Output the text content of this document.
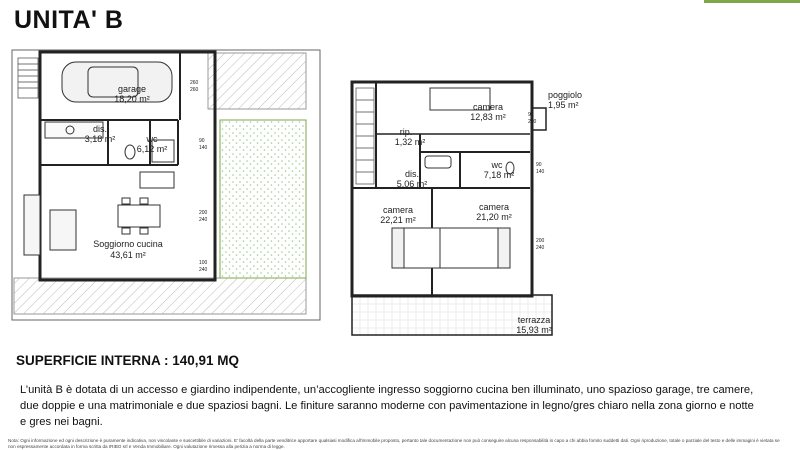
UNITA' B
garage
18,20 m²
dis.
3,18 m²	wc
6,12 m²
Soggiorno cucina
43,61 m²
260
260
90
140
200
240
100
240
camera
12,83 m²
poggiolo
1,95 m²
rip.
1,32 m²
wc
7,18 m²
dis.
5,06 m²
camera
22,21 m²
camera
21,20 m²
terrazza
15,93 m²
90
240
90
140
200
240
SUPERFICIE INTERNA : 140,91 MQ
L’unità B è dotata di un accesso e giardino indipendente, un’accogliente ingresso soggiorno cucina ben illuminato, uno spazioso garage, tre camere, due doppie e una matrimoniale e due spaziosi bagni. Le finiture saranno moderne con pavimentazione in legno/gres chiaro nella zona giorno e notte e gres nei bagni.
Nota: Ogni informazione ed ogni descrizione è puramente indicativa, non vincolante e suscettibile di variazioni. E' facoltà della parte venditrice apportare qualsiasi modifica all'immobile proposto, pertanto tale documentazione non può conseguire alcuna responsabilità in capo a chi abbia fornito suddetti dati. Ogni riproduzione, totale o parziale del testo e delle immagini è vietata se non espressamente accordata in forma scritta da IRIBO srl e Venda Immobiliare. Ogni valutazione rimessa alla perizia a norma di legge.
